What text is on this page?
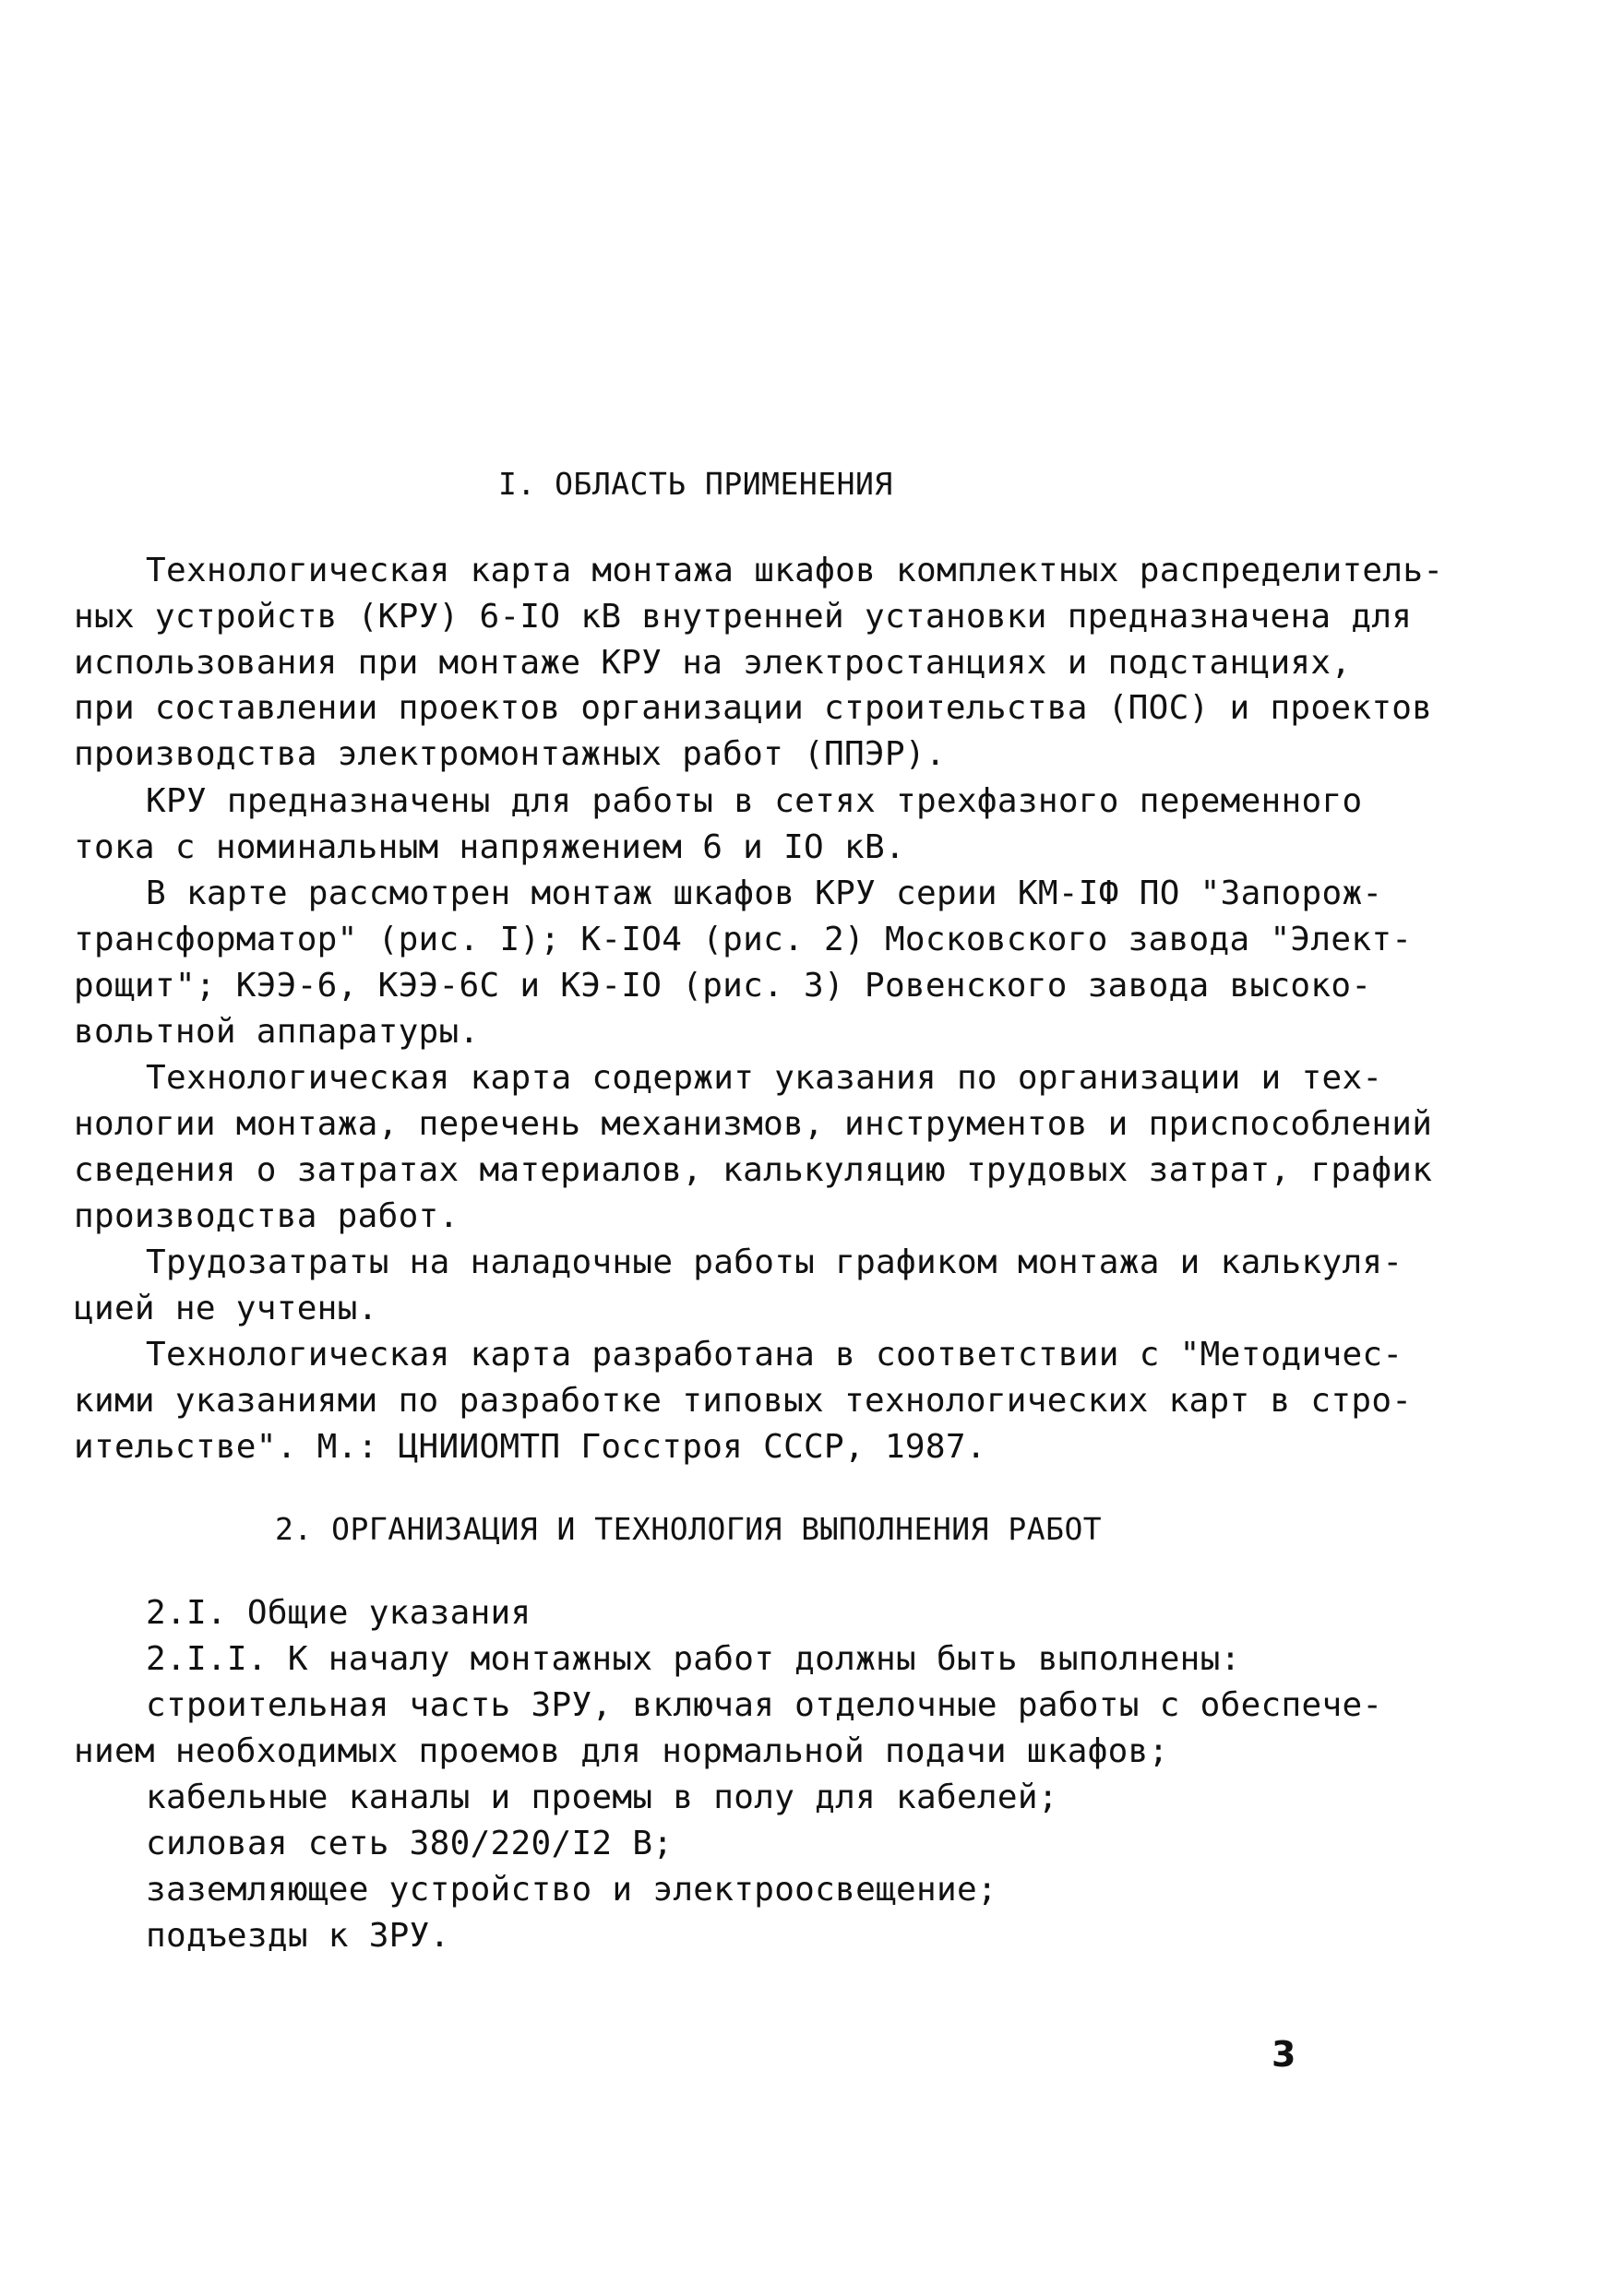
I. ОБЛАСТЬ ПРИМЕНЕНИЯ
Технологическая карта монтажа шкафов комплектных распределитель-
ных устройств (КРУ) 6-IO кВ внутренней установки предназначена для
использования при монтаже КРУ на электростанциях и подстанциях,
при составлении проектов организации строительства (ПОС) и проектов
производства электромонтажных работ (ППЭР).
КРУ предназначены для работы в сетях трехфазного переменного
тока с номинальным напряжением 6 и IO кВ.
В карте рассмотрен монтаж шкафов КРУ серии КМ-IФ ПО "Запорож-
трансформатор" (рис. I); К-IO4 (рис. 2) Московского завода "Элект-
рощит"; КЭЭ-6, КЭЭ-6С и КЭ-IO (рис. 3) Ровенского завода высоко-
вольтной аппаратуры.
Технологическая карта содержит указания по организации и тех-
нологии монтажа, перечень механизмов, инструментов и приспособлений
сведения о затратах материалов, калькуляцию трудовых затрат, график
производства работ.
Трудозатраты на наладочные работы графиком монтажа и калькуля-
цией не учтены.
Технологическая карта разработана в соответствии с "Методичес-
кими указаниями по разработке типовых технологических карт в стро-
ительстве". М.: ЦНИИОМТП Госстроя СССР, 1987.
2. ОРГАНИЗАЦИЯ И ТЕХНОЛОГИЯ ВЫПОЛНЕНИЯ РАБОТ
2.I. Общие указания
2.I.I. К началу монтажных работ должны быть выполнены:
строительная часть ЗРУ, включая отделочные работы с обеспече-
нием необходимых проемов для нормальной подачи шкафов;
кабельные каналы и проемы в полу для кабелей;
силовая сеть 380/220/I2 В;
заземляющее устройство и электроосвещение;
подъезды к ЗРУ.
3
